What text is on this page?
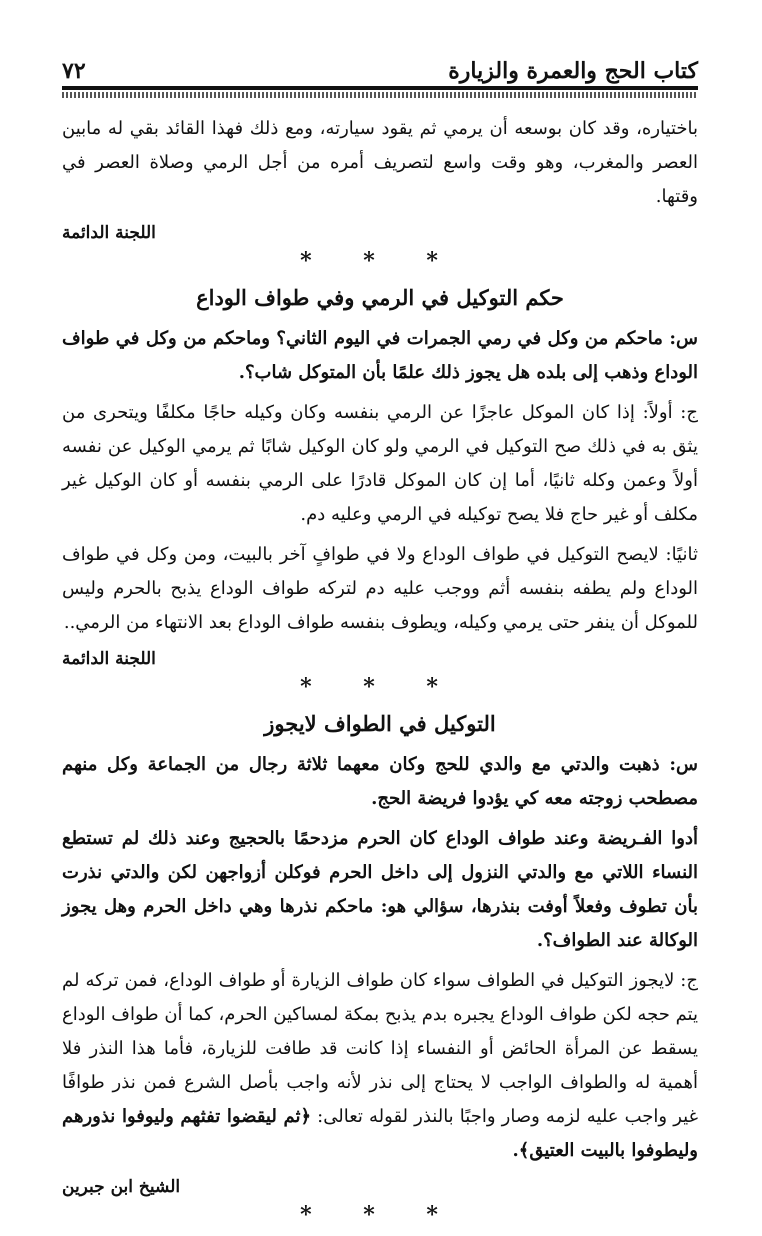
كتاب الحج والعمرة والزيارة
٧٢

باختياره، وقد كان بوسعه أن يرمي ثم يقود سيارته، ومع ذلك فهذا القائد بقي له مابين العصر والمغرب، وهو وقت واسع لتصريف أمره من أجل الرمي وصلاة العصر في وقتها.

اللجنة الدائمة
* * *
حكم التوكيل في الرمي وفي طواف الوداع

س: ماحكم من وكل في رمي الجمرات في اليوم الثاني؟ وماحكم من وكل في طواف الوداع وذهب إلى بلده هل يجوز ذلك علمًا بأن المتوكل شاب؟.

ج: أولاً: إذا كان الموكل عاجزًا عن الرمي بنفسه وكان وكيله حاجًا مكلفًا ويتحرى من يثق به في ذلك صح التوكيل في الرمي ولو كان الوكيل شابًا ثم يرمي الوكيل عن نفسه أولاً وعمن وكله ثانيًا، أما إن كان الموكل قادرًا على الرمي بنفسه أو كان الوكيل غير مكلف أو غير حاج فلا يصح توكيله في الرمي وعليه دم.

ثانيًا: لايصح التوكيل في طواف الوداع ولا في طوافٍ آخر بالبيت، ومن وكل في طواف الوداع ولم يطفه بنفسه أثم ووجب عليه دم لتركه طواف الوداع يذبح بالحرم وليس للموكل أن ينفر حتى يرمي وكيله، ويطوف بنفسه طواف الوداع بعد الانتهاء من الرمي..

اللجنة الدائمة
* * *
التوكيل في الطواف لايجوز

س: ذهبت والدتي مع والدي للحج وكان معهما ثلاثة رجال من الجماعة وكل منهم مصطحب زوجته معه كي يؤدوا فريضة الحج.

أدوا الفـريضة وعند طواف الوداع كان الحرم مزدحمًا بالحجيج وعند ذلك لم تستطع النساء اللاتي مع والدتي النزول إلى داخل الحرم فوكلن أزواجهن لكن والدتي نذرت بأن تطوف وفعلاً أوفت بنذرها، سؤالي هو: ماحكم نذرها وهي داخل الحرم وهل يجوز الوكالة عند الطواف؟.

ج: لايجوز التوكيل في الطواف سواء كان طواف الزيارة أو طواف الوداع، فمن تركه لم يتم حجه لكن طواف الوداع يجبره بدم يذبح بمكة لمساكين الحرم، كما أن طواف الوداع يسقط عن المرأة الحائض أو النفساء إذا كانت قد طافت للزيارة، فأما هذا النذر فلا أهمية له والطواف الواجب لا يحتاج إلى نذر لأنه واجب بأصل الشرع فمن نذر طوافًا غير واجب عليه لزمه وصار واجبًا بالنذر لقوله تعالى: ﴿ثم ليقضوا تفثهم وليوفوا نذورهم وليطوفوا بالبيت العتيق﴾.

الشيخ ابن جبرين
* * *
